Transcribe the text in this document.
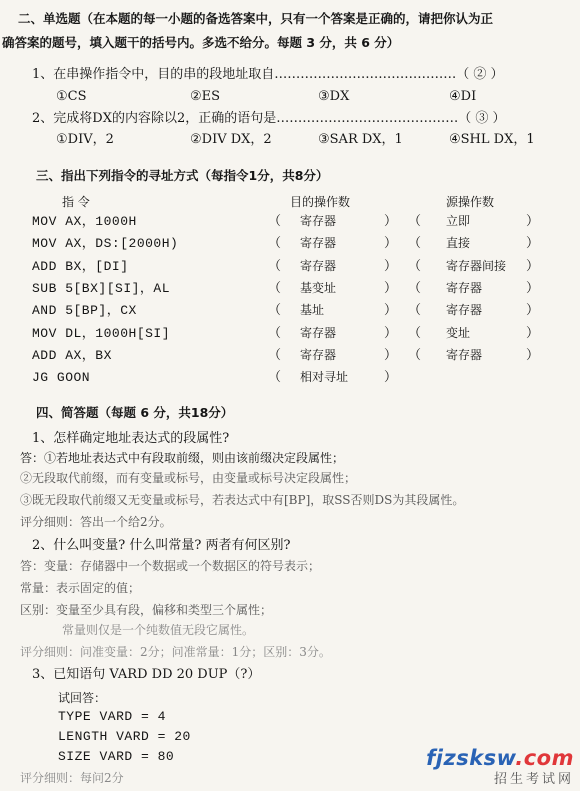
二、单选题（在本题的每一小题的备选答案中，只有一个答案是正确的，请把你认为正
确答案的题号，填入题干的括号内。多选不给分。每题 3 分，共 6 分）
1、在串操作指令中，目的串的段地址取自……………………………………（ ② ）
①CS	②ES	③DX	④DI
2、完成将DX的内容除以2，正确的语句是……………………………………（ ③ ）
①DIV，2	②DIV DX，2	③SAR DX，1	④SHL DX，1
三、指出下列指令的寻址方式（每指令1分，共8分）
指 令	目的操作数	源操作数
MOV AX，1000H	（ 寄存器	） （ 立即	）
MOV AX，DS:[2000H)	（ 寄存器	） （ 直接	）
ADD BX，[DI]	（ 寄存器	） （ 寄存器间接 ）
SUB 5[BX][SI]，AL	（ 基变址	） （ 寄存器	）
AND 5[BP]，CX	（ 基址	） （ 寄存器	）
MOV DL，1000H[SI]	（ 寄存器	） （ 变址	）
ADD AX，BX	（ 寄存器	） （ 寄存器	）
JG GOON	（ 相对寻址	）
四、简答题（每题 6 分，共18分）
1、怎样确定地址表达式的段属性?
答：①若地址表达式中有段取前缀，则由该前缀决定段属性；
②无段取代前缀，而有变量或标号，由变量或标号决定段属性；
③既无段取代前缀又无变量或标号，若表达式中有[BP]，取SS否则DS为其段属性。
评分细则：答出一个给2分。
2、什么叫变量? 什么叫常量? 两者有何区别?
答：变量：存储器中一个数据或一个数据区的符号表示；
常量：表示固定的值；
区别：变量至少具有段，偏移和类型三个属性；
常量则仅是一个纯数值无段它属性。
评分细则：问准变量：2分；问准常量：1分；区别：3分。
3、已知语句 VARD DD 20 DUP（?）
试回答：
TYPE VARD = 4
LENGTH VARD = 20
SIZE VARD = 80
评分细则：每问2分
fjzsksw.com
招生考试网
